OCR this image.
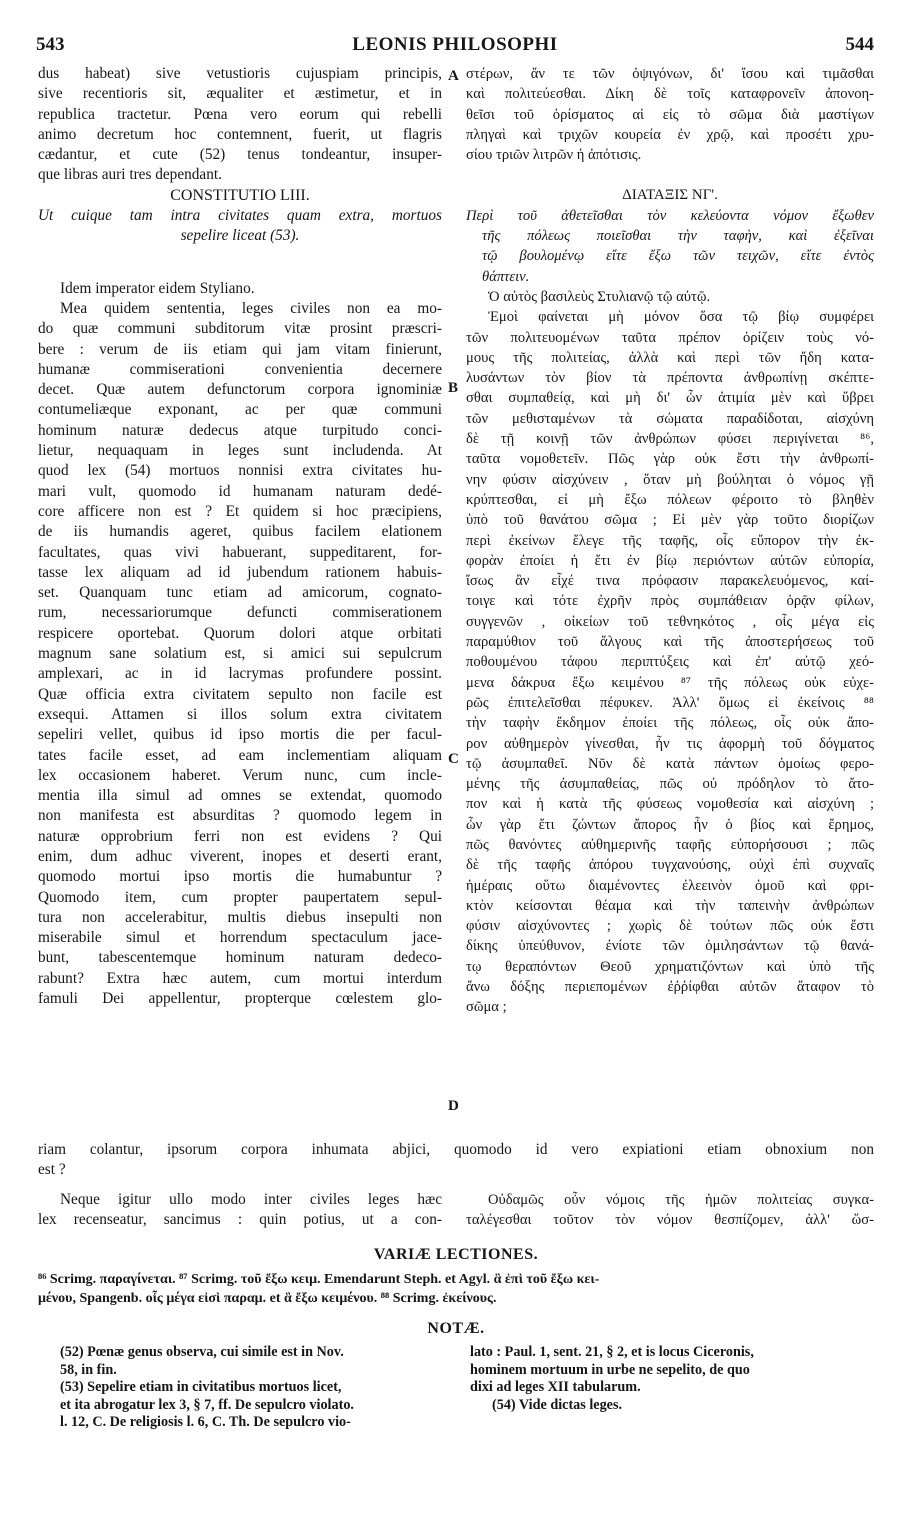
543	LEONIS PHILOSOPHI	544
A
B
C
D
dus habeat) sive vetustioris cujuspiam principis,
sive recentioris sit, æqualiter et æstimetur, et in
republica tractetur. Pœna vero eorum qui rebelli
animo decretum hoc contemnent, fuerit, ut flagris
cædantur, et cute (52) tenus tondeantur, insuper-
que libras auri tres dependant.
CONSTITUTIO LIII.
Ut cuique tam intra civitates quam extra, mortuos
sepelire liceat (53).
Idem imperator eidem Styliano.
Mea quidem sententia, leges civiles non ea mo-
do quæ communi subditorum vitæ prosint præscri-
bere : verum de iis etiam qui jam vitam finierunt,
humanæ commiserationi convenientia decernere
decet. Quæ autem defunctorum corpora ignominiæ
contumeliæque exponant, ac per quæ communi
hominum naturæ dedecus atque turpitudo conci-
lietur, nequaquam in leges sunt includenda. At
quod lex (54) mortuos nonnisi extra civitates hu-
mari vult, quomodo id humanam naturam dedé-
core afficere non est ? Et quidem si hoc præcipiens,
de iis humandis ageret, quibus facilem elationem
facultates, quas vivi habuerant, suppeditarent, for-
tasse lex aliquam ad id jubendum rationem habuis-
set. Quanquam tunc etiam ad amicorum, cognato-
rum, necessariorumque defuncti commiserationem
respicere oportebat. Quorum dolori atque orbitati
magnum sane solatium est, si amici sui sepulcrum
amplexari, ac in id lacrymas profundere possint.
Quæ officia extra civitatem sepulto non facile est
exsequi. Attamen si illos solum extra civitatem
sepeliri vellet, quibus id ipso mortis die per facul-
tates facile esset, ad eam inclementiam aliquam
lex occasionem haberet. Verum nunc, cum incle-
mentia illa simul ad omnes se extendat, quomodo
non manifesta est absurditas ? quomodo legem in
naturæ opprobrium ferri non est evidens ? Qui
enim, dum adhuc viverent, inopes et deserti erant,
quomodo mortui ipso mortis die humabuntur ?
Quomodo item, cum propter paupertatem sepul-
tura non accelerabitur, multis diebus insepulti non
miserabile simul et horrendum spectaculum jace-
bunt, tabescentemque hominum naturam dedeco-
rabunt? Extra hæc autem, cum mortui interdum
famuli Dei appellentur, propterque cœlestem glo-
στέρων, ἄν τε τῶν ὀψιγόνων, δι' ἴσου καὶ τιμᾶσθαι
καὶ πολιτεύεσθαι. Δίκη δὲ τοῖς καταφρονεῖν ἀπονοη-
θεῖσι τοῦ ὁρίσματος αἱ εἰς τὸ σῶμα διὰ μαστίγων
πληγαὶ καὶ τριχῶν κουρεία ἐν χρῷ, καὶ προσέτι χρυ-
σίου τριῶν λιτρῶν ἡ ἀπότισις.
ΔΙΑΤΑΞΙΣ ΝΓ'.
Περὶ τοῦ ἀθετεῖσθαι τὸν κελεύοντα νόμον ἔξωθεν
τῆς πόλεως ποιεῖσθαι τὴν ταφὴν, καὶ ἐξεῖναι
τῷ βουλομένῳ εἴτε ἔξω τῶν τειχῶν, εἴτε ἐντὸς
θάπτειν.
Ὁ αὐτὸς βασιλεὺς Στυλιανῷ τῷ αὐτῷ.
Ἐμοὶ φαίνεται μὴ μόνον ὅσα τῷ βίῳ συμφέρει
τῶν πολιτευομένων ταῦτα πρέπον ὁρίζειν τοὺς νό-
μους τῆς πολιτείας, ἀλλὰ καὶ περὶ τῶν ἤδη κατα-
λυσάντων τὸν βίον τὰ πρέποντα ἀνθρωπίνῃ σκέπτε-
σθαι συμπαθείᾳ, καὶ μὴ δι' ὧν ἀτιμία μὲν καὶ ὕβρει
τῶν μεθισταμένων τὰ σώματα παραδίδοται, αἰσχύνη
δὲ τῇ κοινῇ τῶν ἀνθρώπων φύσει περιγίνεται ⁸⁶,
ταῦτα νομοθετεῖν. Πῶς γὰρ οὐκ ἔστι τὴν ἀνθρωπί-
νην φύσιν αἰσχύνειν , ὅταν μὴ βούληται ὁ νόμος γῇ
κρύπτεσθαι, εἰ μὴ ἔξω πόλεων φέροιτο τὸ βληθὲν
ὑπὸ τοῦ θανάτου σῶμα ; Εἰ μὲν γὰρ τοῦτο διορίζων
περὶ ἐκείνων ἔλεγε τῆς ταφῆς, οἷς εὔπορον τὴν ἐκ-
φορὰν ἐποίει ἡ ἔτι ἐν βίῳ περιόντων αὐτῶν εὐπορία,
ἴσως ἂν εἶχέ τινα πρόφασιν παρακελευόμενος, καί-
τοιγε καὶ τότε ἐχρῆν πρὸς συμπάθειαν ὁρᾷν φίλων,
συγγενῶν , οἰκείων τοῦ τεθνηκότος , οἷς μέγα εἰς
παραμύθιον τοῦ ἄλγους καὶ τῆς ἀποστερήσεως τοῦ
ποθουμένου τάφου περιπτύξεις καὶ ἐπ' αὐτῷ χεό-
μενα δάκρυα ἔξω κειμένου ⁸⁷ τῆς πόλεως οὐκ εὐχε-
ρῶς ἐπιτελεῖσθαι πέφυκεν. Ἀλλ' ὅμως εἰ ἐκείνοις ⁸⁸
τὴν ταφὴν ἔκδημον ἐποίει τῆς πόλεως, οἷς οὐκ ἄπο-
ρον αὐθημερὸν γίνεσθαι, ἦν τις ἀφορμὴ τοῦ δόγματος
τῷ ἀσυμπαθεῖ. Νῦν δὲ κατὰ πάντων ὁμοίως φερο-
μένης τῆς ἀσυμπαθείας, πῶς οὐ πρόδηλον τὸ ἄτο-
πον καὶ ἡ κατὰ τῆς φύσεως νομοθεσία καὶ αἰσχύνη ;
ὧν γὰρ ἔτι ζώντων ἄπορος ἦν ὁ βίος καὶ ἔρημος,
πῶς θανόντες αὐθημερινῆς ταφῆς εὐπορήσουσι ; πῶς
δὲ τῆς ταφῆς ἀπόρου τυγχανούσης, οὐχὶ ἐπὶ συχναῖς
ἡμέραις οὕτω διαμένοντες ἐλεεινὸν ὁμοῦ καὶ φρι-
κτὸν κείσονται θέαμα καὶ τὴν ταπεινὴν ἀνθρώπων
φύσιν αἰσχύνοντες ; χωρὶς δὲ τούτων πῶς οὐκ ἔστι
δίκης ὑπεύθυνον, ἐνίοτε τῶν ὁμιλησάντων τῷ θανά-
τῳ θεραπόντων Θεοῦ χρηματιζόντων καὶ ὑπὸ τῆς
ἄνω δόξης περιεπομένων ἐῤῥίφθαι αὐτῶν ἄταφον τὸ
σῶμα ;
riam colantur, ipsorum corpora inhumata abjici, quomodo id vero expiationi etiam obnoxium non
est ?
Neque igitur ullo modo inter civiles leges hæc
lex recenseatur, sancimus : quin potius, ut a con-
Οὐδαμῶς οὖν νόμοις τῆς ἡμῶν πολιτείας συγκα-
ταλέγεσθαι τοῦτον τὸν νόμον θεσπίζομεν, ἀλλ' ὥσ-
VARIÆ LECTIONES.
⁸⁶ Scrimg. παραγίνεται. ⁸⁷ Scrimg. τοῦ ἔξω κειμ. Emendarunt Steph. et Agyl. ἃ ἐπὶ τοῦ ἔξω κει-
μένου, Spangenb. οἷς μέγα εἰσὶ παραμ. et ἃ ἔξω κειμένου. ⁸⁸ Scrimg. ἐκείνους.
NOTÆ.
(52) Pœnæ genus observa, cui simile est in Nov.
58, in fin.
(53) Sepelire etiam in civitatibus mortuos licet,
et ita abrogatur lex 3, § 7, ff. De sepulcro violato.
l. 12, C. De religiosis l. 6, C. Th. De sepulcro vio-
lato : Paul. 1, sent. 21, § 2, et is locus Ciceronis,
hominem mortuum in urbe ne sepelito, de quo
dixi ad leges XII tabularum.
(54) Vide dictas leges.
